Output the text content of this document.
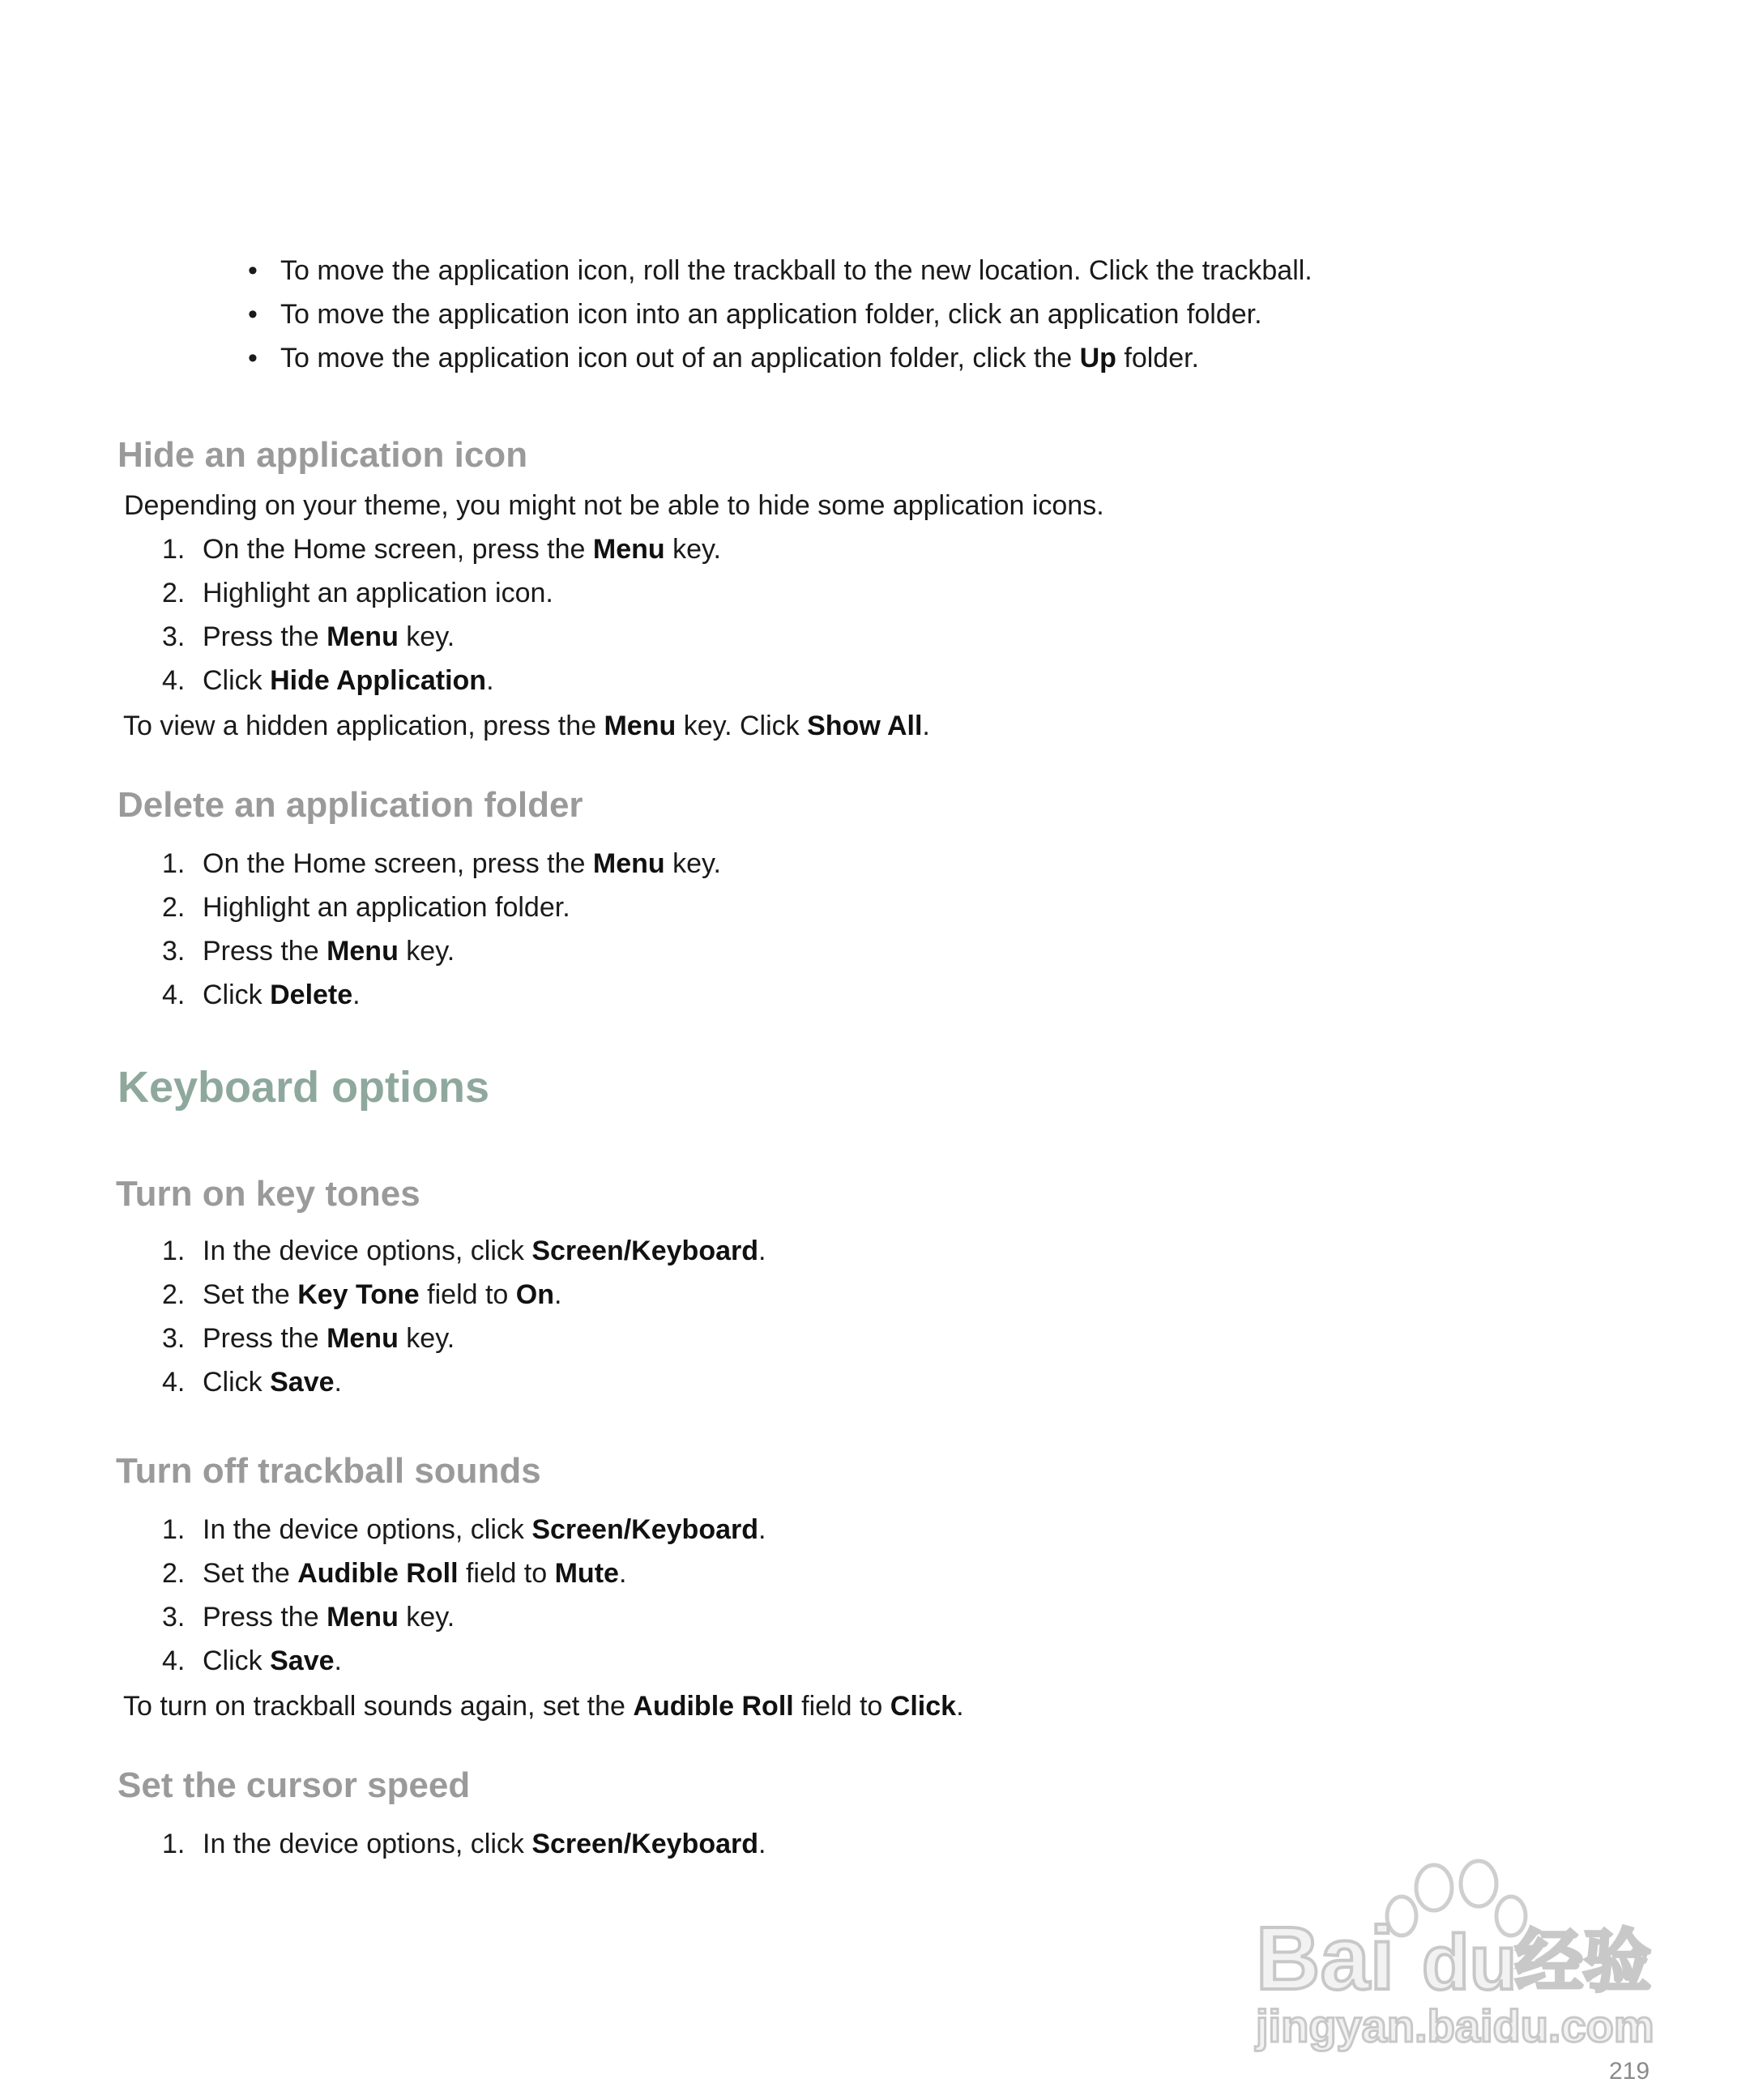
• To move the application icon, roll the trackball to the new location. Click the trackball.

• To move the application icon into an application folder, click an application folder.

• To move the application icon out of an application folder, click the Up folder.

Hide an application icon

Depending on your theme, you might not be able to hide some application icons.

1. On the Home screen, press the Menu key.

2. Highlight an application icon.

3. Press the Menu key.

4. Click Hide Application.

To view a hidden application, press the Menu key. Click Show All.

Delete an application folder

1. On the Home screen, press the Menu key.

2. Highlight an application folder.

3. Press the Menu key.

4. Click Delete.

Keyboard options
Turn on key tones

1. In the device options, click Screen/Keyboard.

2. Set the Key Tone field to On.

3. Press the Menu key.

4. Click Save.

Turn off trackball sounds

1. In the device options, click Screen/Keyboard.

2. Set the Audible Roll field to Mute.

3. Press the Menu key.

4. Click Save.

To turn on trackball sounds again, set the Audible Roll field to Click.

Set the cursor speed

1. In the device options, click Screen/Keyboard.

Bai du
经验
jingyan.baidu.com

219
